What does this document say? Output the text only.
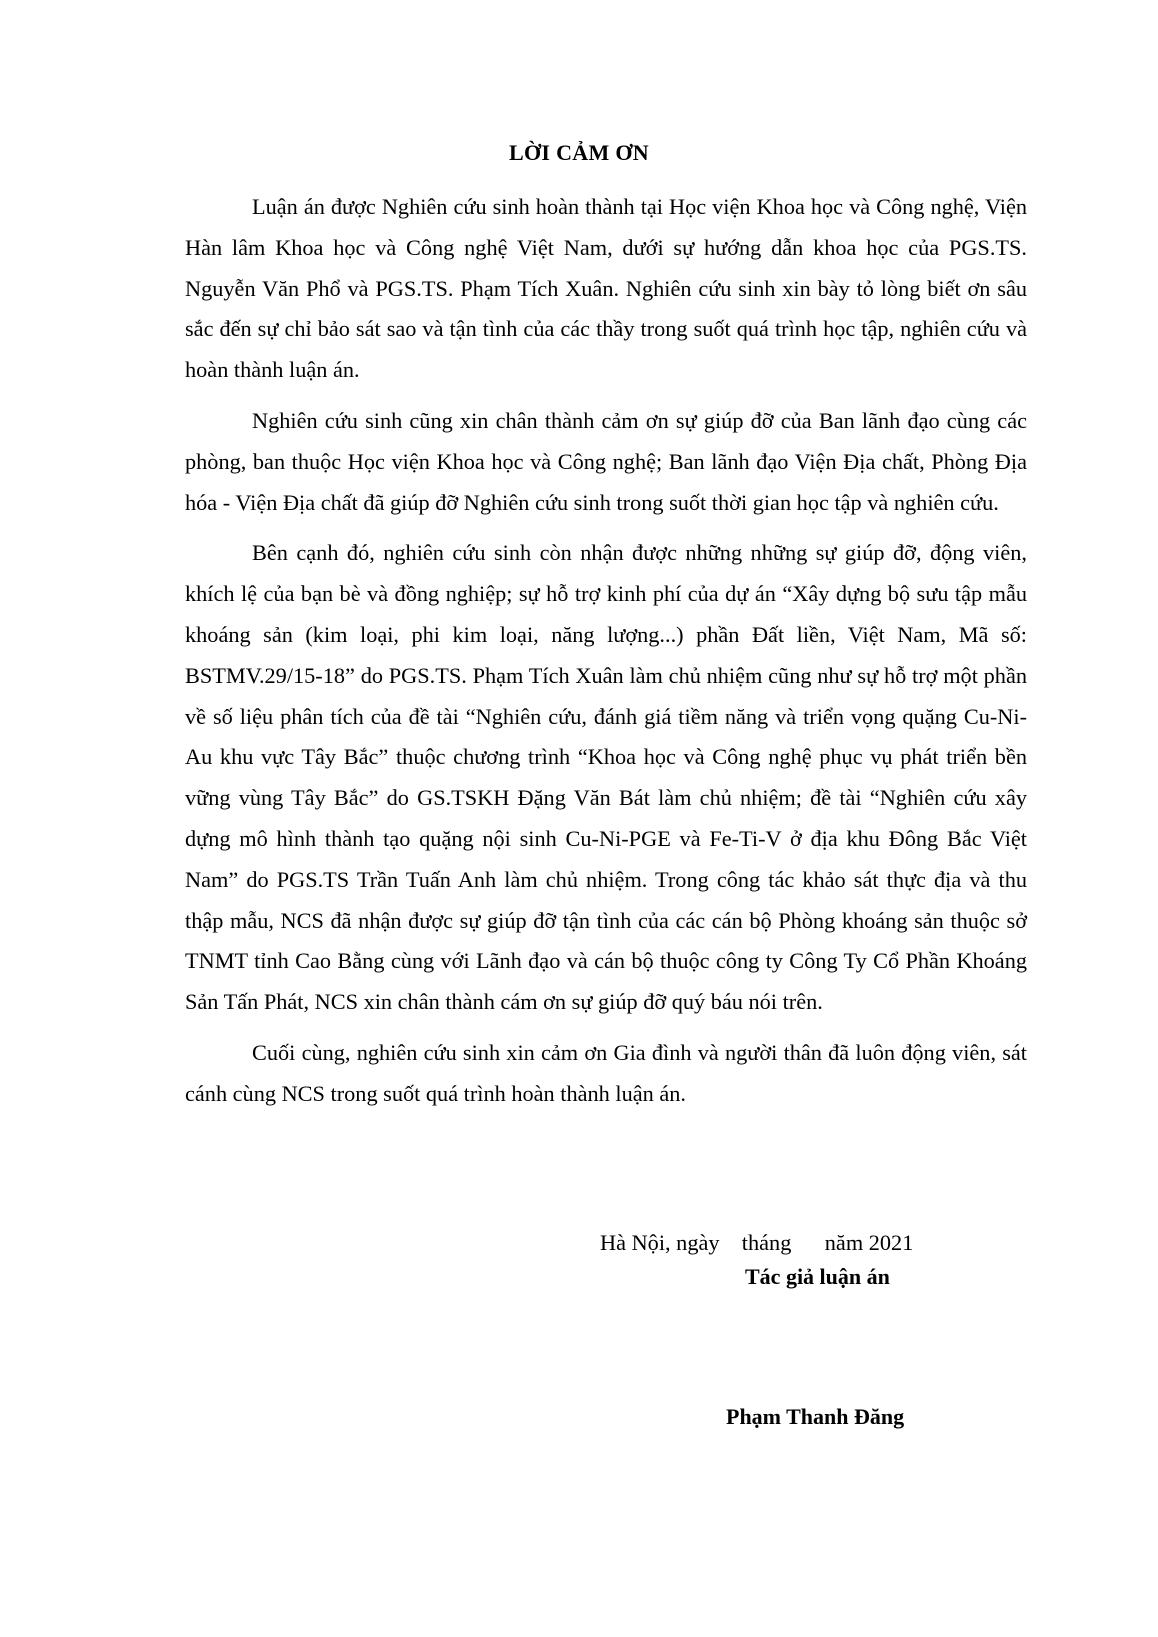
LỜI CẢM ƠN

Luận án được Nghiên cứu sinh hoàn thành tại Học viện Khoa học và Công nghệ, Viện Hàn lâm Khoa học và Công nghệ Việt Nam, dưới sự hướng dẫn khoa học của PGS.TS. Nguyễn Văn Phổ và PGS.TS. Phạm Tích Xuân. Nghiên cứu sinh xin bày tỏ lòng biết ơn sâu sắc đến sự chỉ bảo sát sao và tận tình của các thầy trong suốt quá trình học tập, nghiên cứu và hoàn thành luận án.

Nghiên cứu sinh cũng xin chân thành cảm ơn sự giúp đỡ của Ban lãnh đạo cùng các phòng, ban thuộc Học viện Khoa học và Công nghệ; Ban lãnh đạo Viện Địa chất, Phòng Địa hóa - Viện Địa chất đã giúp đỡ Nghiên cứu sinh trong suốt thời gian học tập và nghiên cứu.

Bên cạnh đó, nghiên cứu sinh còn nhận được những những sự giúp đỡ, động viên, khích lệ của bạn bè và đồng nghiệp; sự hỗ trợ kinh phí của dự án “Xây dựng bộ sưu tập mẫu khoáng sản (kim loại, phi kim loại, năng lượng...) phần Đất liền, Việt Nam, Mã số: BSTMV.29/15-18” do PGS.TS. Phạm Tích Xuân làm chủ nhiệm cũng như sự hỗ trợ một phần về số liệu phân tích của đề tài “Nghiên cứu, đánh giá tiềm năng và triển vọng quặng Cu-Ni-Au khu vực Tây Bắc” thuộc chương trình “Khoa học và Công nghệ phục vụ phát triển bền vững vùng Tây Bắc” do GS.TSKH Đặng Văn Bát làm chủ nhiệm; đề tài “Nghiên cứu xây dựng mô hình thành tạo quặng nội sinh Cu-Ni-PGE và Fe-Ti-V ở địa khu Đông Bắc Việt Nam” do PGS.TS Trần Tuấn Anh làm chủ nhiệm. Trong công tác khảo sát thực địa và thu thập mẫu, NCS đã nhận được sự giúp đỡ tận tình của các cán bộ Phòng khoáng sản thuộc sở TNMT tỉnh Cao Bằng cùng với Lãnh đạo và cán bộ thuộc công ty Công Ty Cổ Phần Khoáng Sản Tấn Phát, NCS xin chân thành cám ơn sự giúp đỡ quý báu nói trên.

Cuối cùng, nghiên cứu sinh xin cảm ơn Gia đình và người thân đã luôn động viên, sát cánh cùng NCS trong suốt quá trình hoàn thành luận án.

Hà Nội, ngày    tháng      năm 2021
Tác giả luận án
Phạm Thanh Đăng
